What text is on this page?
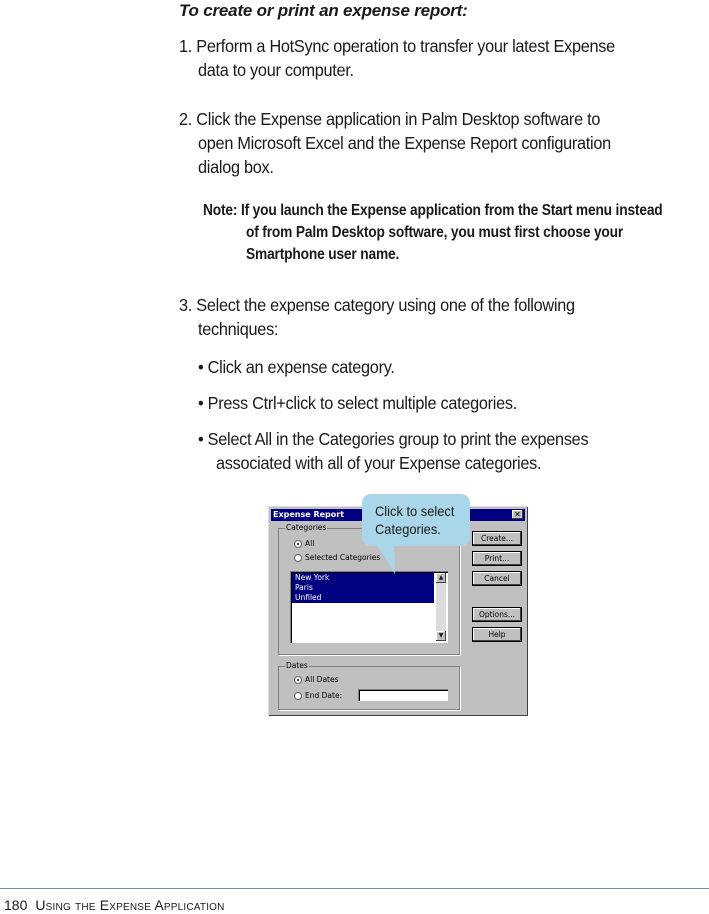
To create or print an expense report:
1. Perform a HotSync operation to transfer your latest Expense
data to your computer.
2. Click the Expense application in Palm Desktop software to
open Microsoft Excel and the Expense Report configuration
dialog box.
Note: If you launch the Expense application from the Start menu instead
of from Palm Desktop software, you must first choose your
Smartphone user name.
3. Select the expense category using one of the following
techniques:
• Click an expense category.
• Press Ctrl+click to select multiple categories.
• Select All in the Categories group to print the expenses
associated with all of your Expense categories.
Expense Report	✕
Categories
All
Selected Categories
New York
Paris
Unfiled
▲
▼
Dates
All Dates
End Date:
Create...
Print...
Cancel
Options...
Help
Click to select
Categories.
180 Using the Expense Application
